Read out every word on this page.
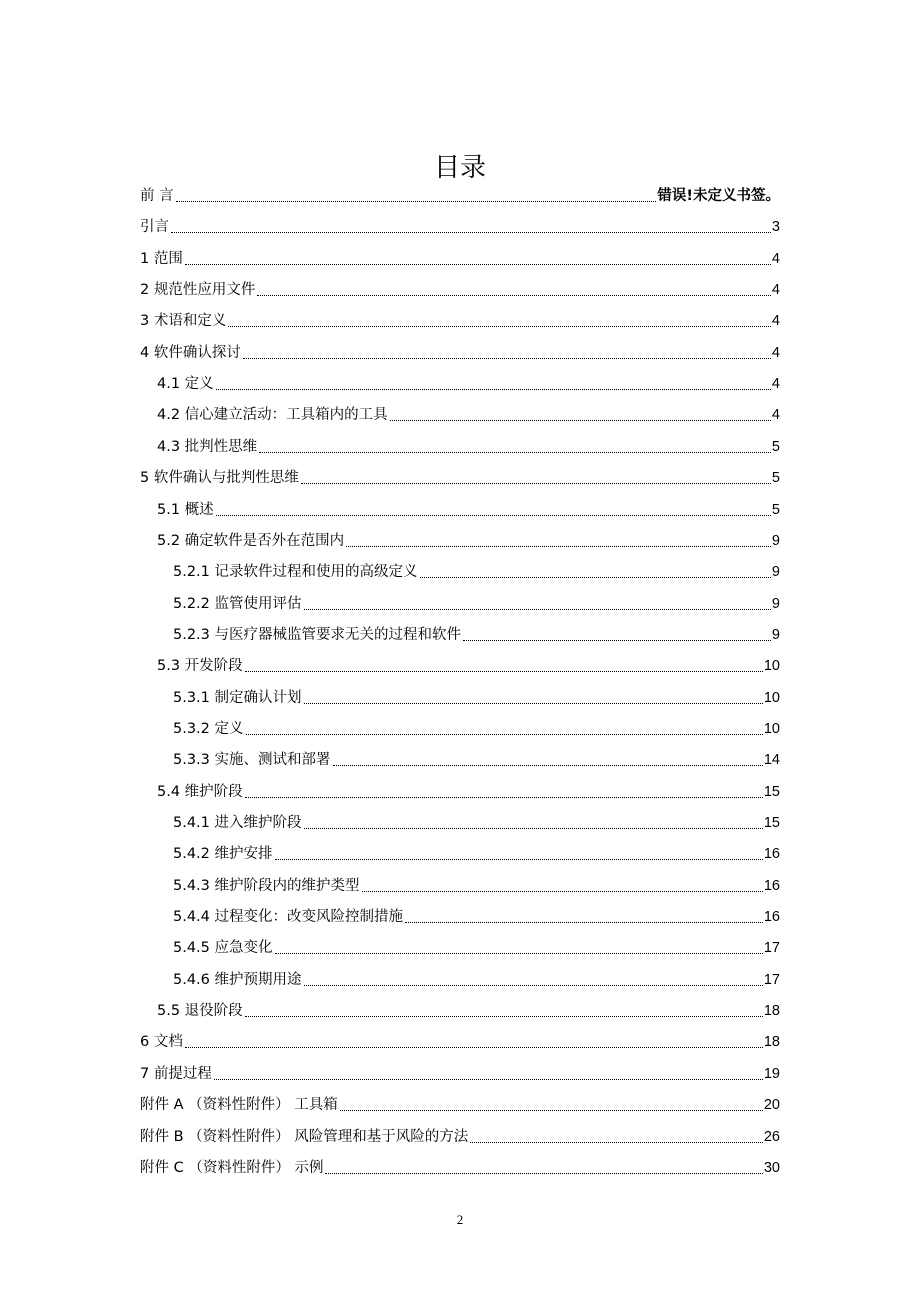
目录
前 言	错误!未定义书签。
引言	3
1 范围	4
2 规范性应用文件	4
3 术语和定义	4
4 软件确认探讨	4
4.1 定义	4
4.2 信心建立活动：工具箱内的工具	4
4.3 批判性思维	5
5 软件确认与批判性思维	5
5.1 概述	5
5.2 确定软件是否外在范围内	9
5.2.1 记录软件过程和使用的高级定义	9
5.2.2 监管使用评估	9
5.2.3 与医疗器械监管要求无关的过程和软件	9
5.3 开发阶段	10
5.3.1 制定确认计划	10
5.3.2 定义	10
5.3.3 实施、测试和部署	14
5.4 维护阶段	15
5.4.1 进入维护阶段	15
5.4.2 维护安排	16
5.4.3 维护阶段内的维护类型	16
5.4.4 过程变化：改变风险控制措施	16
5.4.5 应急变化	17
5.4.6 维护预期用途	17
5.5 退役阶段	18
6 文档	18
7 前提过程	19
附件 A （资料性附件） 工具箱	20
附件 B （资料性附件） 风险管理和基于风险的方法	26
附件 C （资料性附件） 示例	30
2
